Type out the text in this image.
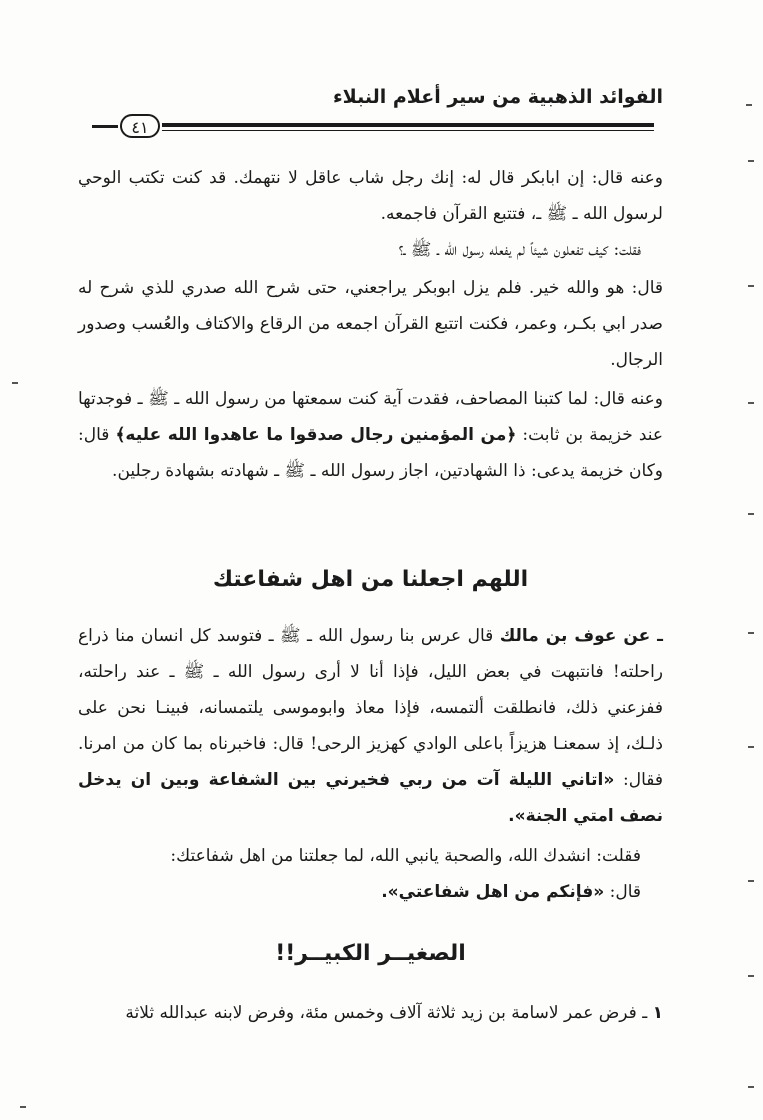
الفوائد الذهبية من سير أعلام النبلاء
٤١

وعنه قال: إن ابابكر قال له: إنك رجل شاب عاقل لا نتهمك. قد كنت تكتب الوحي لرسول الله ـ ﷺ ـ، فتتبع القرآن فاجمعه.

فقلت: كيف تفعلون شيئاً لم يفعله رسول الله ـ ﷺ ـ؟

قال: هو والله خير. فلم يزل ابوبكر يراجعني، حتى شرح الله صدري للذي شرح له صدر ابي بكـر، وعمر، فكنت اتتبع القرآن اجمعه من الرقاع والاكتاف والعُسب وصدور الرجال.

وعنه قال: لما كتبنا المصاحف، فقدت آية كنت سمعتها من رسول الله ـ ﷺ ـ فوجدتها عند خزيمة بن ثابت: ﴿من المؤمنين رجال صدقوا ما عاهدوا الله عليه﴾ قال: وكان خزيمة يدعى: ذا الشهادتين، اجاز رسول الله ـ ﷺ ـ شهادته بشهادة رجلين.

اللهم اجعلنا من اهل شفاعتك

ـ عن عوف بن مالك قال عرس بنا رسول الله ـ ﷺ ـ فتوسد كل انسان منا ذراع راحلته! فانتبهت في بعض الليل، فإذا أنا لا أرى رسول الله ـ ﷺ ـ عند راحلته، ففزعني ذلك، فانطلقت ألتمسه، فإذا معاذ وابوموسى يلتمسانه، فبينـا نحن على ذلـك، إذ سمعنـا هزيزاً باعلى الوادي كهزيز الرحى! قال: فاخبرناه بما كان من امرنا. فقال: «اتاني الليلة آت من ربي فخيرني بين الشفاعة وبين ان يدخل نصف امتي الجنة».

فقلت: انشدك الله، والصحبة يانبي الله، لما جعلتنا من اهل شفاعتك:

قال: «فإنكم من اهل شفاعتي».

الصغيــر الكبيــر!!

١ ـ فرض عمر لاسامة بن زيد ثلاثة آلاف وخمس مئة، وفرض لابنه عبدالله ثلاثة
